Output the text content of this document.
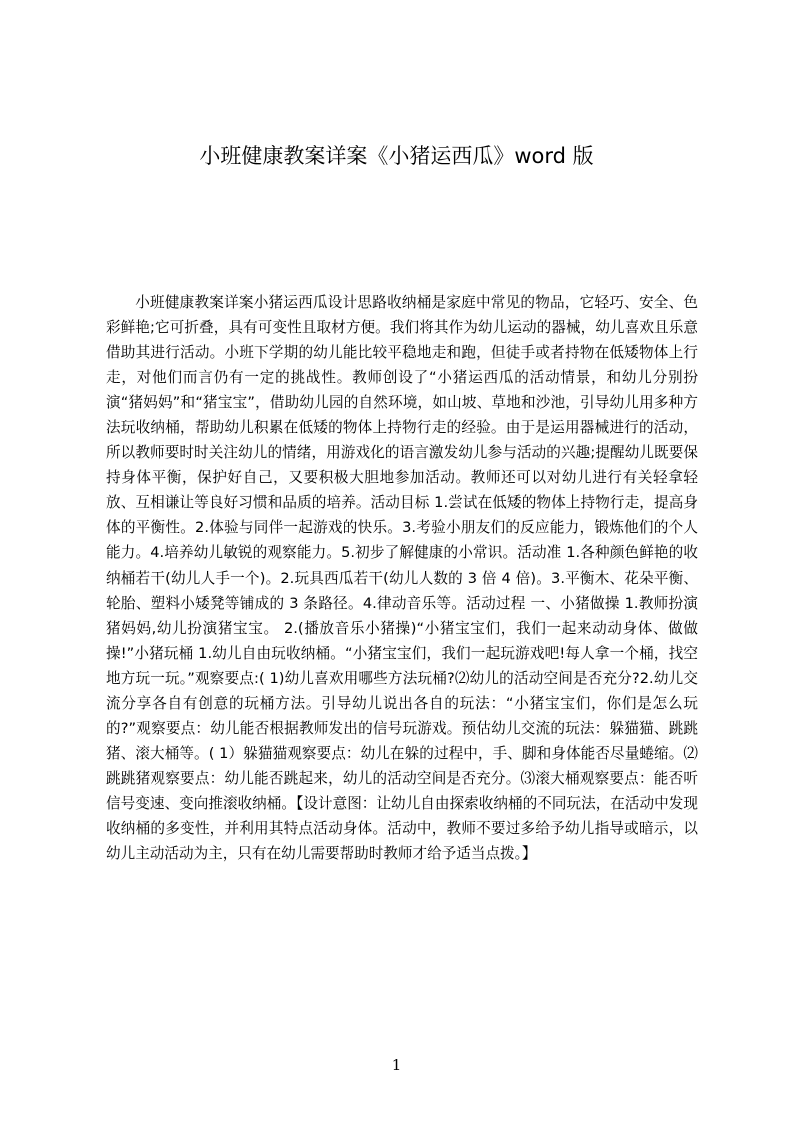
小班健康教案详案《小猪运西瓜》word 版

小班健康教案详案小猪运西瓜设计思路收纳桶是家庭中常见的物品，它轻巧、安全、色彩鲜艳;它可折叠，具有可变性且取材方便。我们将其作为幼儿运动的器械，幼儿喜欢且乐意借助其进行活动。小班下学期的幼儿能比较平稳地走和跑，但徒手或者持物在低矮物体上行走，对他们而言仍有一定的挑战性。教师创设了“小猪运西瓜的活动情景，和幼儿分别扮演“猪妈妈”和“猪宝宝”，借助幼儿园的自然环境，如山坡、草地和沙池，引导幼儿用多种方法玩收纳桶，帮助幼儿积累在低矮的物体上持物行走的经验。由于是运用器械进行的活动，所以教师要时时关注幼儿的情绪，用游戏化的语言激发幼儿参与活动的兴趣;提醒幼儿既要保持身体平衡，保护好自己，又要积极大胆地参加活动。教师还可以对幼儿进行有关轻拿轻放、互相谦让等良好习惯和品质的培养。活动目标 1.尝试在低矮的物体上持物行走，提高身体的平衡性。2.体验与同伴一起游戏的快乐。3.考验小朋友们的反应能力，锻炼他们的个人能力。4.培养幼儿敏锐的观察能力。5.初步了解健康的小常识。活动准 1.各种颜色鲜艳的收纳桶若干(幼儿人手一个)。2.玩具西瓜若干(幼儿人数的 3 倍 4 倍)。3.平衡木、花朵平衡、轮胎、塑料小矮凳等铺成的 3 条路径。4.律动音乐等。活动过程 一、小猪做操 1.教师扮演猪妈妈,幼儿扮演猪宝宝。 2.(播放音乐小猪操)“小猪宝宝们，我们一起来动动身体、做做操!”小猪玩桶 1.幼儿自由玩收纳桶。“小猪宝宝们，我们一起玩游戏吧!每人拿一个桶，找空地方玩一玩。”观察要点:( 1)幼儿喜欢用哪些方法玩桶?⑵幼儿的活动空间是否充分?2.幼儿交流分享各自有创意的玩桶方法。引导幼儿说出各自的玩法：“小猪宝宝们，你们是怎么玩的?”观察要点：幼儿能否根据教师发出的信号玩游戏。预估幼儿交流的玩法：躲猫猫、跳跳猪、滚大桶等。( 1）躲猫猫观察要点：幼儿在躲的过程中，手、脚和身体能否尽量蜷缩。⑵跳跳猪观察要点：幼儿能否跳起来，幼儿的活动空间是否充分。⑶滚大桶观察要点：能否听信号变速、变向推滚收纳桶。【设计意图：让幼儿自由探索收纳桶的不同玩法，在活动中发现收纳桶的多变性，并利用其特点活动身体。活动中，教师不要过多给予幼儿指导或暗示，以幼儿主动活动为主，只有在幼儿需要帮助时教师才给予适当点拨。】

1
